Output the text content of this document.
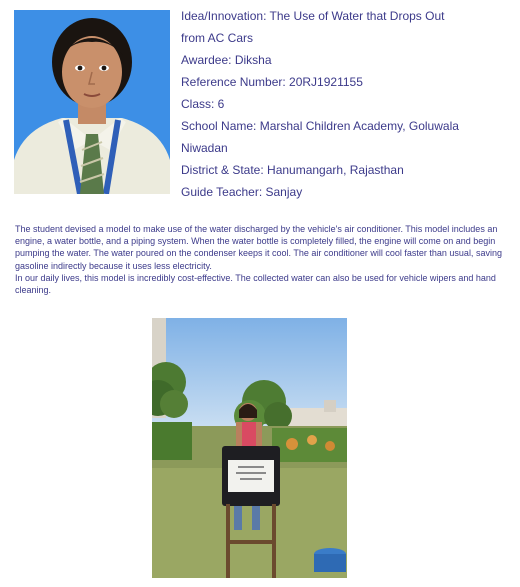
Idea/Innovation: The Use of Water that Drops Out
from AC Cars
Awardee: Diksha
Reference Number: 20RJ1921155
Class: 6
School Name: Marshal Children Academy, Goluwala
Niwadan
District & State: Hanumangarh, Rajasthan
Guide Teacher: Sanjay

The student devised a model to make use of the water discharged by the vehicle's air conditioner. This model includes an engine, a water bottle, and a piping system. When the water bottle is completely filled, the engine will come on and begin pumping the water. The water poured on the condenser keeps it cool. The air conditioner will cool faster than usual, saving gasoline indirectly because it uses less electricity.

In our daily lives, this model is incredibly cost-effective. The collected water can also be used for vehicle wipers and hand cleaning.
